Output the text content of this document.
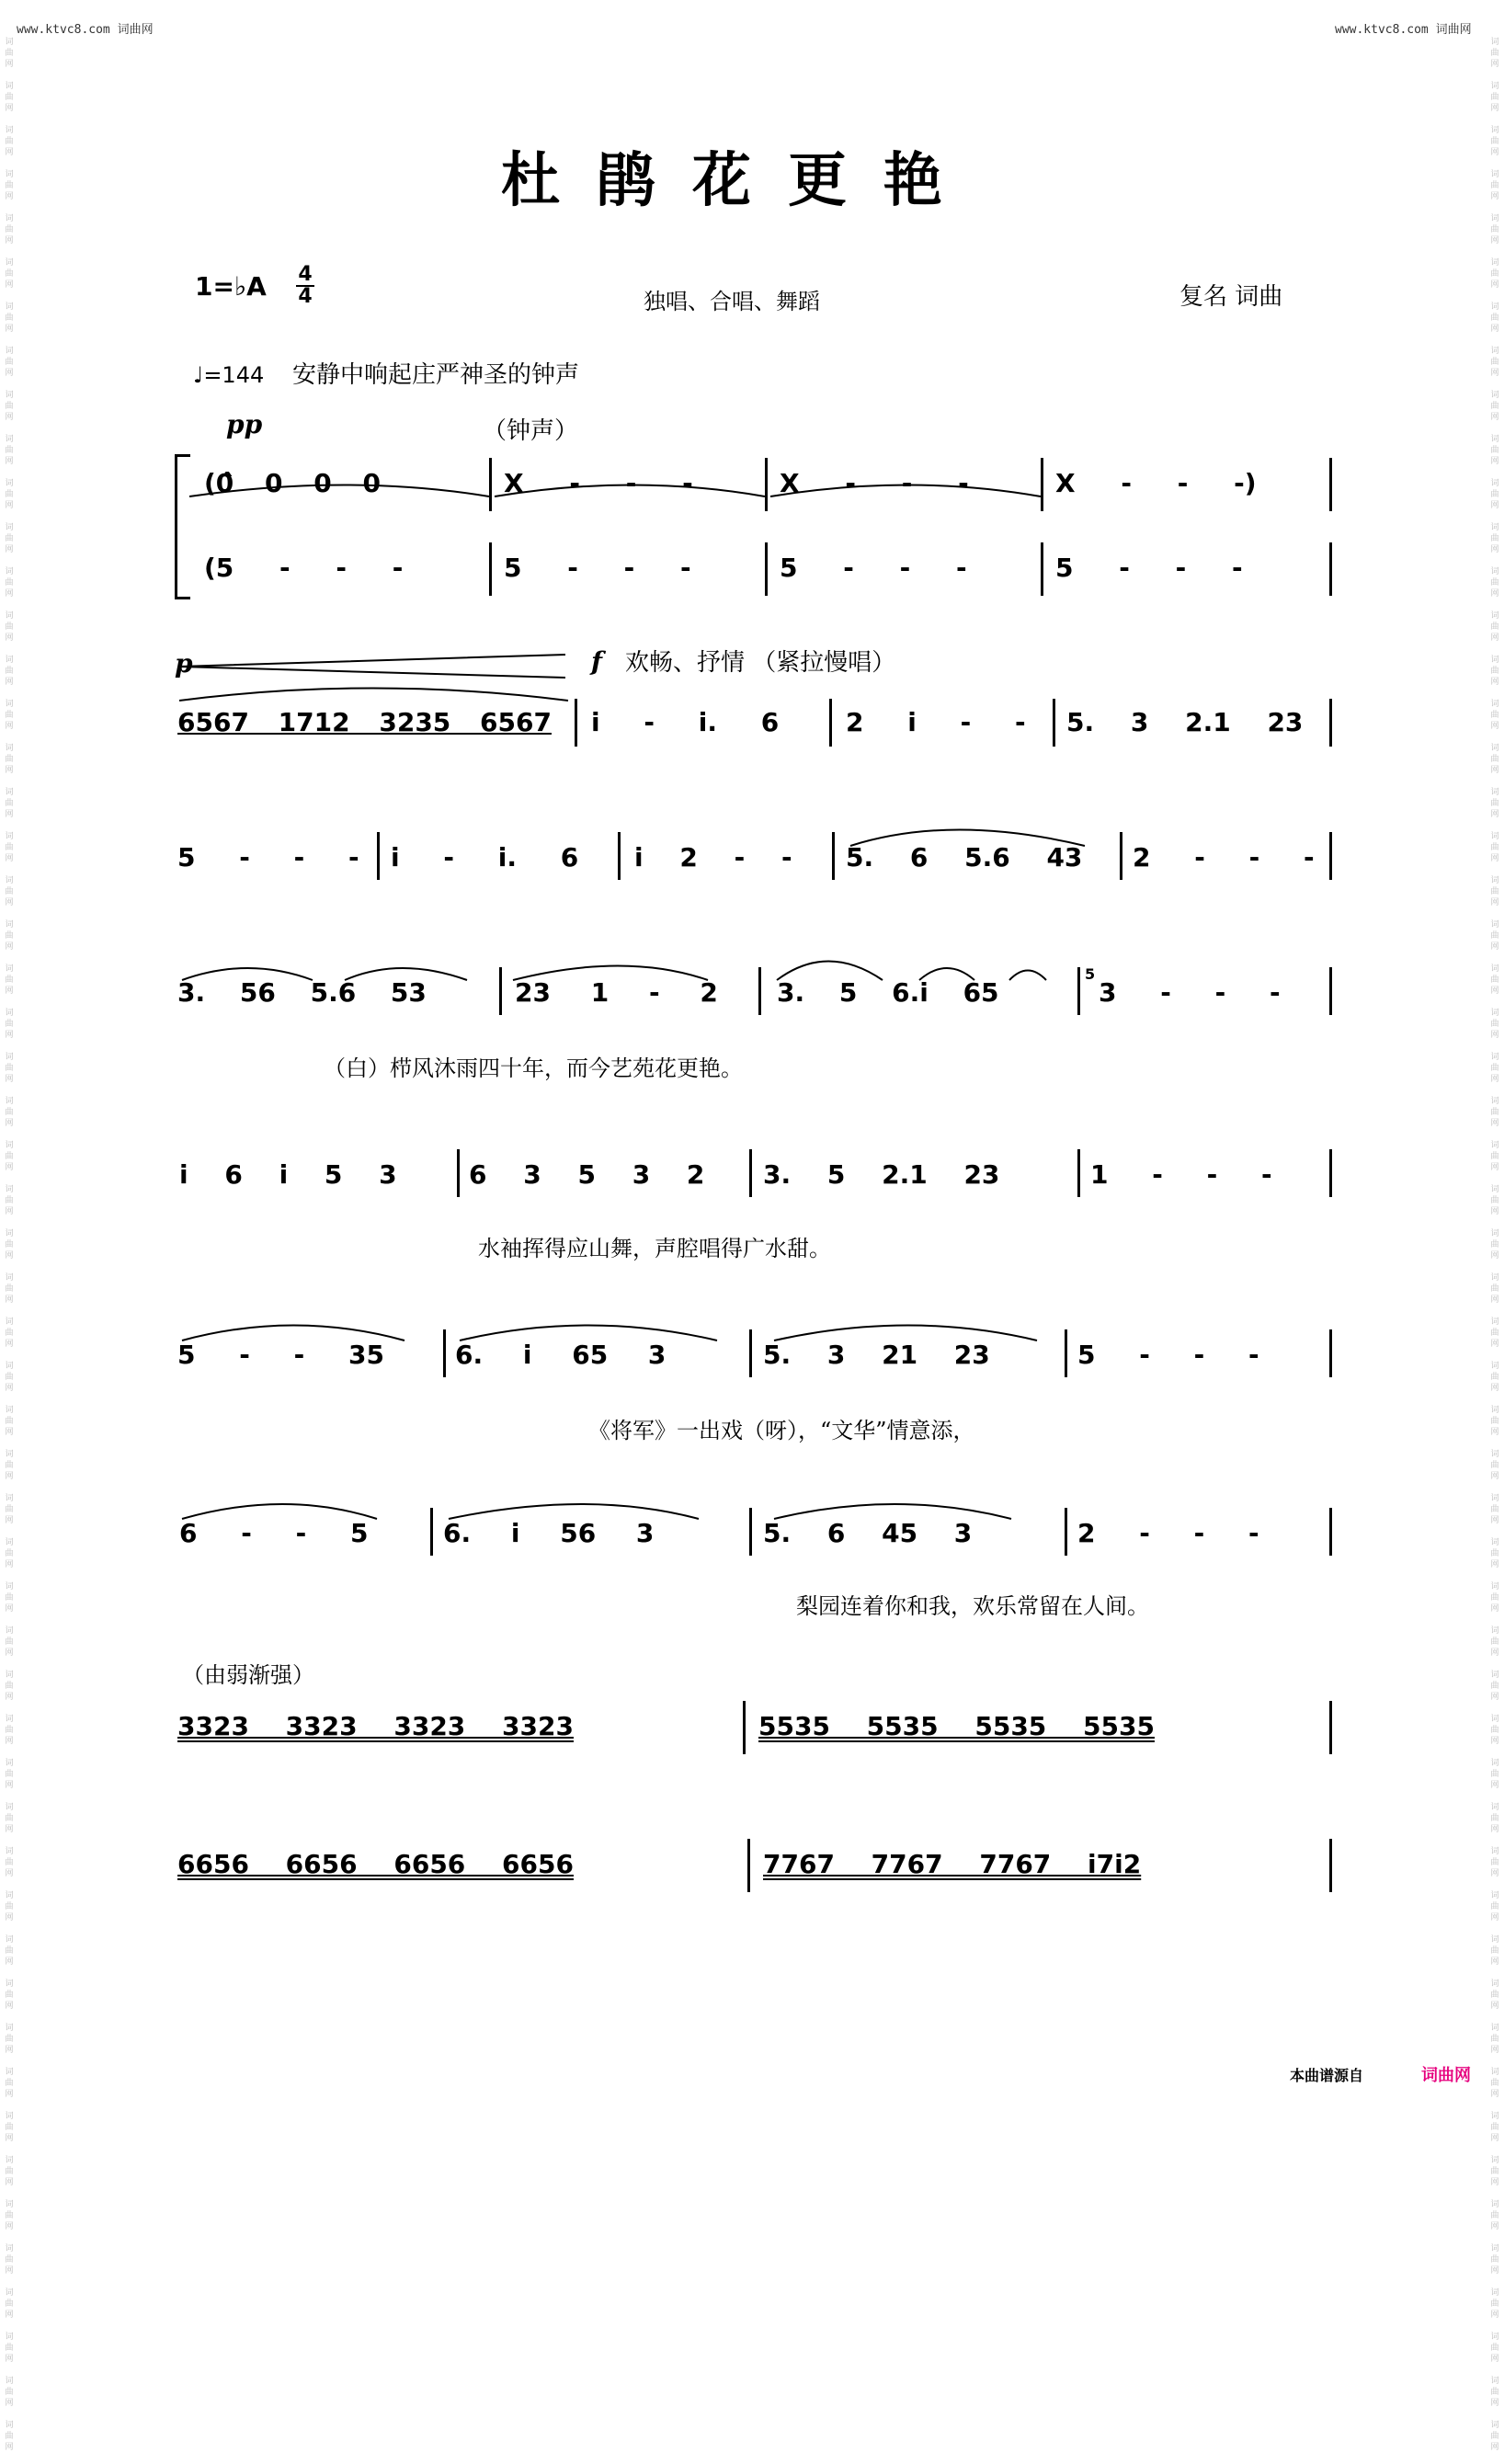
词
曲
网

词
曲
网

词
曲
网

词
曲
网

词
曲
网

词
曲
网

词
曲
网

词
曲
网

词
曲
网

词
曲
网

词
曲
网

词
曲
网

词
曲
网

词
曲
网

词
曲
网

词
曲
网

词
曲
网

词
曲
网

词
曲
网

词
曲
网

词
曲
网

词
曲
网

词
曲
网

词
曲
网

词
曲
网

词
曲
网

词
曲
网

词
曲
网

词
曲
网

词
曲
网

词
曲
网

词
曲
网

词
曲
网

词
曲
网

词
曲
网

词
曲
网

词
曲
网

词
曲
网

词
曲
网

词
曲
网

词
曲
网

词
曲
网

词
曲
网

词
曲
网

词
曲
网

词
曲
网

词
曲
网

词
曲
网

词
曲
网

词
曲
网

词
曲
网

词
曲
网

词
曲
网

词
曲
网

词
曲
网

词
曲
网

词
曲
网

词
曲
网

词
曲
网

词
曲
网

词
曲
网

词
曲
网

词
曲
网

词
曲
网

词
曲
网

词
曲
网

词
曲
网

词
曲
网

词
曲
网

词
曲
网

词
曲
网

词
曲
网

词
曲
网

词
曲
网

词
曲
网

词
曲
网

词
曲
网

词
曲
网

词
曲
网

词
曲
网

词
曲
网

词
曲
网

词
曲
网

词
曲
网

词
曲
网

词
曲
网

词
曲
网

词
曲
网

词
曲
网

词
曲
网

词
曲
网

词
曲
网

词
曲
网

词
曲
网

词
曲
网

词
曲
网

词
曲
网

词
曲
网

词
曲
网

词
曲
网

词
曲
网

词
曲
网

词
曲
网

词
曲
网

词
曲
网

词
曲
网

词
曲
网

词
曲
网

词
曲
网

词
曲
网

www.ktvc8.com 词曲网	www.ktvc8.com 词曲网
杜鹃花更艳
1=♭A 4
4	独唱、合唱、舞蹈	复名 词曲
♩=144 安静中响起庄严神圣的钟声
pp	（钟声）
(0̂ 0 0 0	X - - -	X - - -	X - - -)
(5 - - -	5 - - -	5 - - -	5 - - -
p	f 欢畅、抒情 （紧拉慢唱）
6567 1712 3235 6567 i - i. 6	2 i - - 5. 3 2.1 23
5 - - - i - i. 6 i 2 - - 5. 6 5.6 43 2 - - -
3. 56 5.6 53	23 1 - 2 3. 5 6.i 65
5
3 - - -
（白）栉风沐雨四十年，而今艺苑花更艳。
i 6 i 5 3	6 3 5 3 2 3. 5 2.1 23	1 - - -
水袖挥得应山舞，声腔唱得广水甜。
5 - - 35	6. i 65 3	5. 3 21 23	5 - - -
《将军》一出戏（呀），“文华”情意添，
6 - - 5	6. i 56 3	5. 6 45 3	2 - - -
梨园连着你和我，欢乐常留在人间。
（由弱渐强）
3323 3323 3323 3323	5535 5535 5535 5535
6656 6656 6656 6656	7767 7767 7767 i7i2
本曲谱源自	词曲网
